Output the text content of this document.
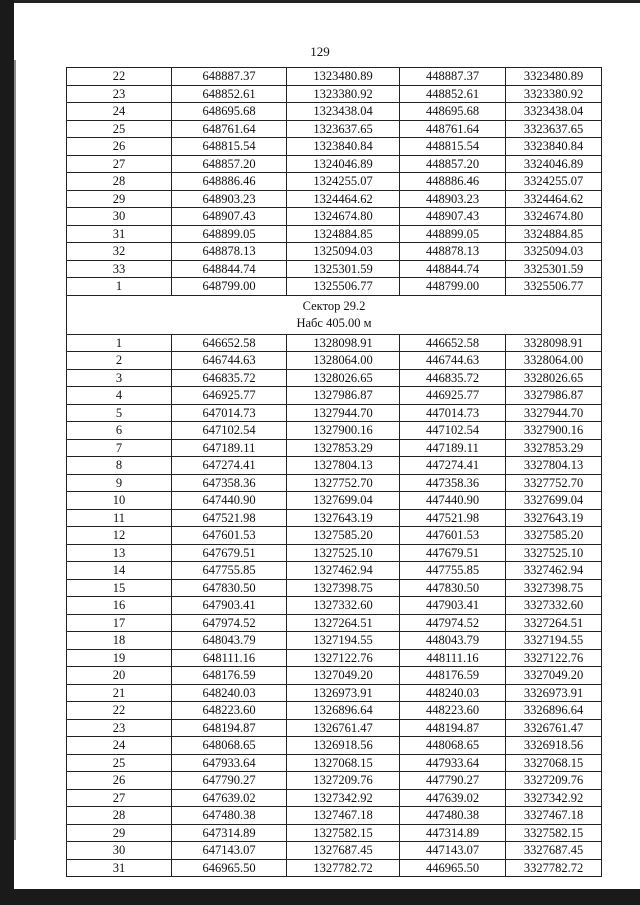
129
22	648887.37	1323480.89	448887.37	3323480.89
23	648852.61	1323380.92	448852.61	3323380.92
24	648695.68	1323438.04	448695.68	3323438.04
25	648761.64	1323637.65	448761.64	3323637.65
26	648815.54	1323840.84	448815.54	3323840.84
27	648857.20	1324046.89	448857.20	3324046.89
28	648886.46	1324255.07	448886.46	3324255.07
29	648903.23	1324464.62	448903.23	3324464.62
30	648907.43	1324674.80	448907.43	3324674.80
31	648899.05	1324884.85	448899.05	3324884.85
32	648878.13	1325094.03	448878.13	3325094.03
33	648844.74	1325301.59	448844.74	3325301.59
1	648799.00	1325506.77	448799.00	3325506.77

Сектор 29.2
Набс 405.00 м				

1	646652.58	1328098.91	446652.58	3328098.91
2	646744.63	1328064.00	446744.63	3328064.00
3	646835.72	1328026.65	446835.72	3328026.65
4	646925.77	1327986.87	446925.77	3327986.87
5	647014.73	1327944.70	447014.73	3327944.70
6	647102.54	1327900.16	447102.54	3327900.16
7	647189.11	1327853.29	447189.11	3327853.29
8	647274.41	1327804.13	447274.41	3327804.13
9	647358.36	1327752.70	447358.36	3327752.70
10	647440.90	1327699.04	447440.90	3327699.04
11	647521.98	1327643.19	447521.98	3327643.19
12	647601.53	1327585.20	447601.53	3327585.20
13	647679.51	1327525.10	447679.51	3327525.10
14	647755.85	1327462.94	447755.85	3327462.94
15	647830.50	1327398.75	447830.50	3327398.75
16	647903.41	1327332.60	447903.41	3327332.60
17	647974.52	1327264.51	447974.52	3327264.51
18	648043.79	1327194.55	448043.79	3327194.55
19	648111.16	1327122.76	448111.16	3327122.76
20	648176.59	1327049.20	448176.59	3327049.20
21	648240.03	1326973.91	448240.03	3326973.91
22	648223.60	1326896.64	448223.60	3326896.64
23	648194.87	1326761.47	448194.87	3326761.47
24	648068.65	1326918.56	448068.65	3326918.56
25	647933.64	1327068.15	447933.64	3327068.15
26	647790.27	1327209.76	447790.27	3327209.76
27	647639.02	1327342.92	447639.02	3327342.92
28	647480.38	1327467.18	447480.38	3327467.18
29	647314.89	1327582.15	447314.89	3327582.15
30	647143.07	1327687.45	447143.07	3327687.45
31	646965.50	1327782.72	446965.50	3327782.72
